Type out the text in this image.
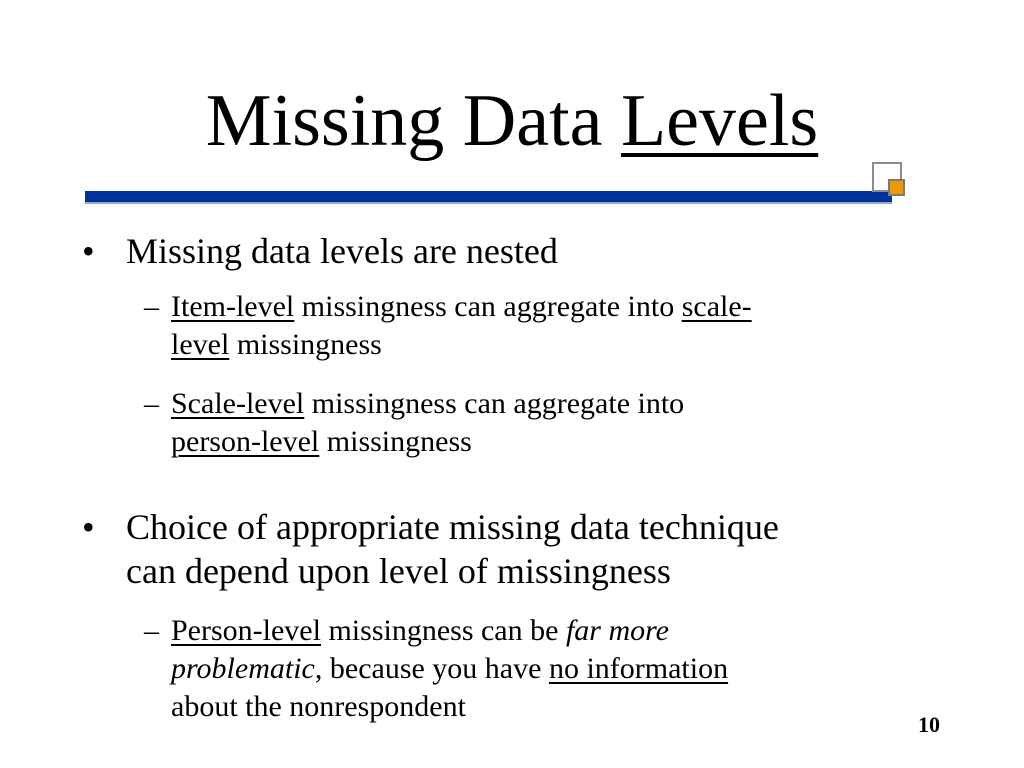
Missing Data Levels
• Missing data levels are nested
– Item-level missingness can aggregate into scale-
level missingness
– Scale-level missingness can aggregate into
person-level missingness
• Choice of appropriate missing data technique
can depend upon level of missingness
– Person-level missingness can be far more
problematic, because you have no information
about the nonrespondent
10
